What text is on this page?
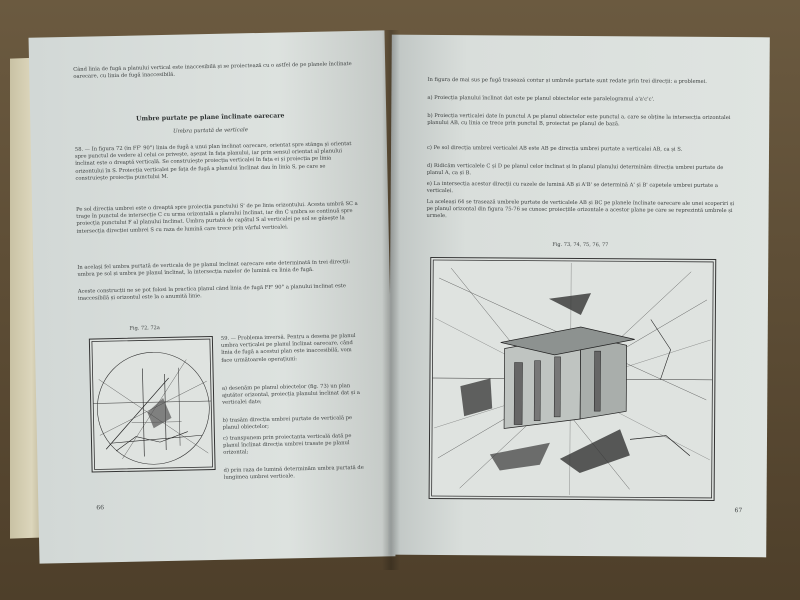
Când linia de fugă a planului vertical este inaccesibilă și se proiectează cu o astfel de pe planele înclinate oarecare, cu linia de fugă inaccesibilă.
Umbre purtate pe plane înclinate oarecare
Umbra purtată de verticale
58. — În figura 72 (în FF' 90°) linia de fugă a unui plan înclinat oarecare, orientat spre stânga și orientat spre punctul de vedere al celui ce privește, așezat în fața planului, iar prin sensul orientat al planului înclinat este o dreaptă verticală. Se construiește proiecția verticalei în fața ei și proiecția pe linia orizontului în S. Proiecția verticalei pe fața de fugă a planului înclinat dau în linia S, pe care se construiește proiecția punctului M.
Pe sol direcția umbrei este o dreaptă spre proiecția punctului S' de pe linia orizontului. Acesta umbră SC a trage în punctul de intersecție C cu urma orizontală a planului înclinat, iar din C umbra se continuă spre proiecția punctului F al planului înclinat. Umbra purtată de capătul S al verticalei pe sol se găsește la intersecția direcției umbrei S cu raza de lumină care trece prin vârful verticalei.
În același fel umbra purtată de verticala de pe planul înclinat oarecare este determinată în trei direcții: umbra pe sol și umbra pe planul înclinat, la intersecția razelor de lumină cu linia de fugă.
Aceste construcții ne se pot folosi la practica planul când linia de fugă FF' 90° a planului înclinat este inaccesibilă și orizontul este la o anumită linie.
Fig. 72, 72a
59. — Problema inversă. Pentru a desena pe planul umbra verticalei pe planul înclinat oarecare, când linia de fugă a acestui plan este inaccesibilă, vom face următoarele operațiuni:
a) desenăm pe planul obiectelor (fig. 73) un plan ajutător orizontal, proiecția planului înclinat dat și a verticalei date;
b) trasăm direcția umbrei purtate de verticală pe planul obiectelor;
c) transpunem prin proiectanta verticală dată pe planul înclinat direcția umbrei trasate pe planul orizontal;
d) prin raza de lumină determinăm umbra purtată de lungimea umbrei verticale.
66
În figura de mai sus pe fugă trasează contur și umbrele purtate sunt redate prin trei direcții: a problemei.
a) Proiecția planului înclinat dat este pe planul obiectelor este paralelogramul a'a'c'c'.
b) Proiecția verticalei date în punctul A pe planul obiectelor este punctul a, care se obține la intersecția orizontalei planului AB, cu linia ce trece prin punctul B, proiectat pe planul de bază.
c) Pe sol direcția umbrei verticalei AB este AB pe direcția umbrei purtate a verticalei AB, ca și S.
d) Ridicăm verticalele C și D pe planul celor înclinat și în planul planului determinăm direcția umbrei purtate de planul A, ca și B.
e) La intersecția acestor direcții cu razele de lumină AB și A'B' se determină A' și B' capetele umbrei purtate a verticalei.
La aceleași 64 se trasează umbrele purtate de verticalele AB și BC pe planele înclinate oarecare ale unei scoperiri și pe planul orizontal din figura 75-76 se cunosc proiecțiile orizontale a acestor plane pe care se reprezintă umbrele și urmele.
Fig. 73, 74, 75, 76, 77
67
